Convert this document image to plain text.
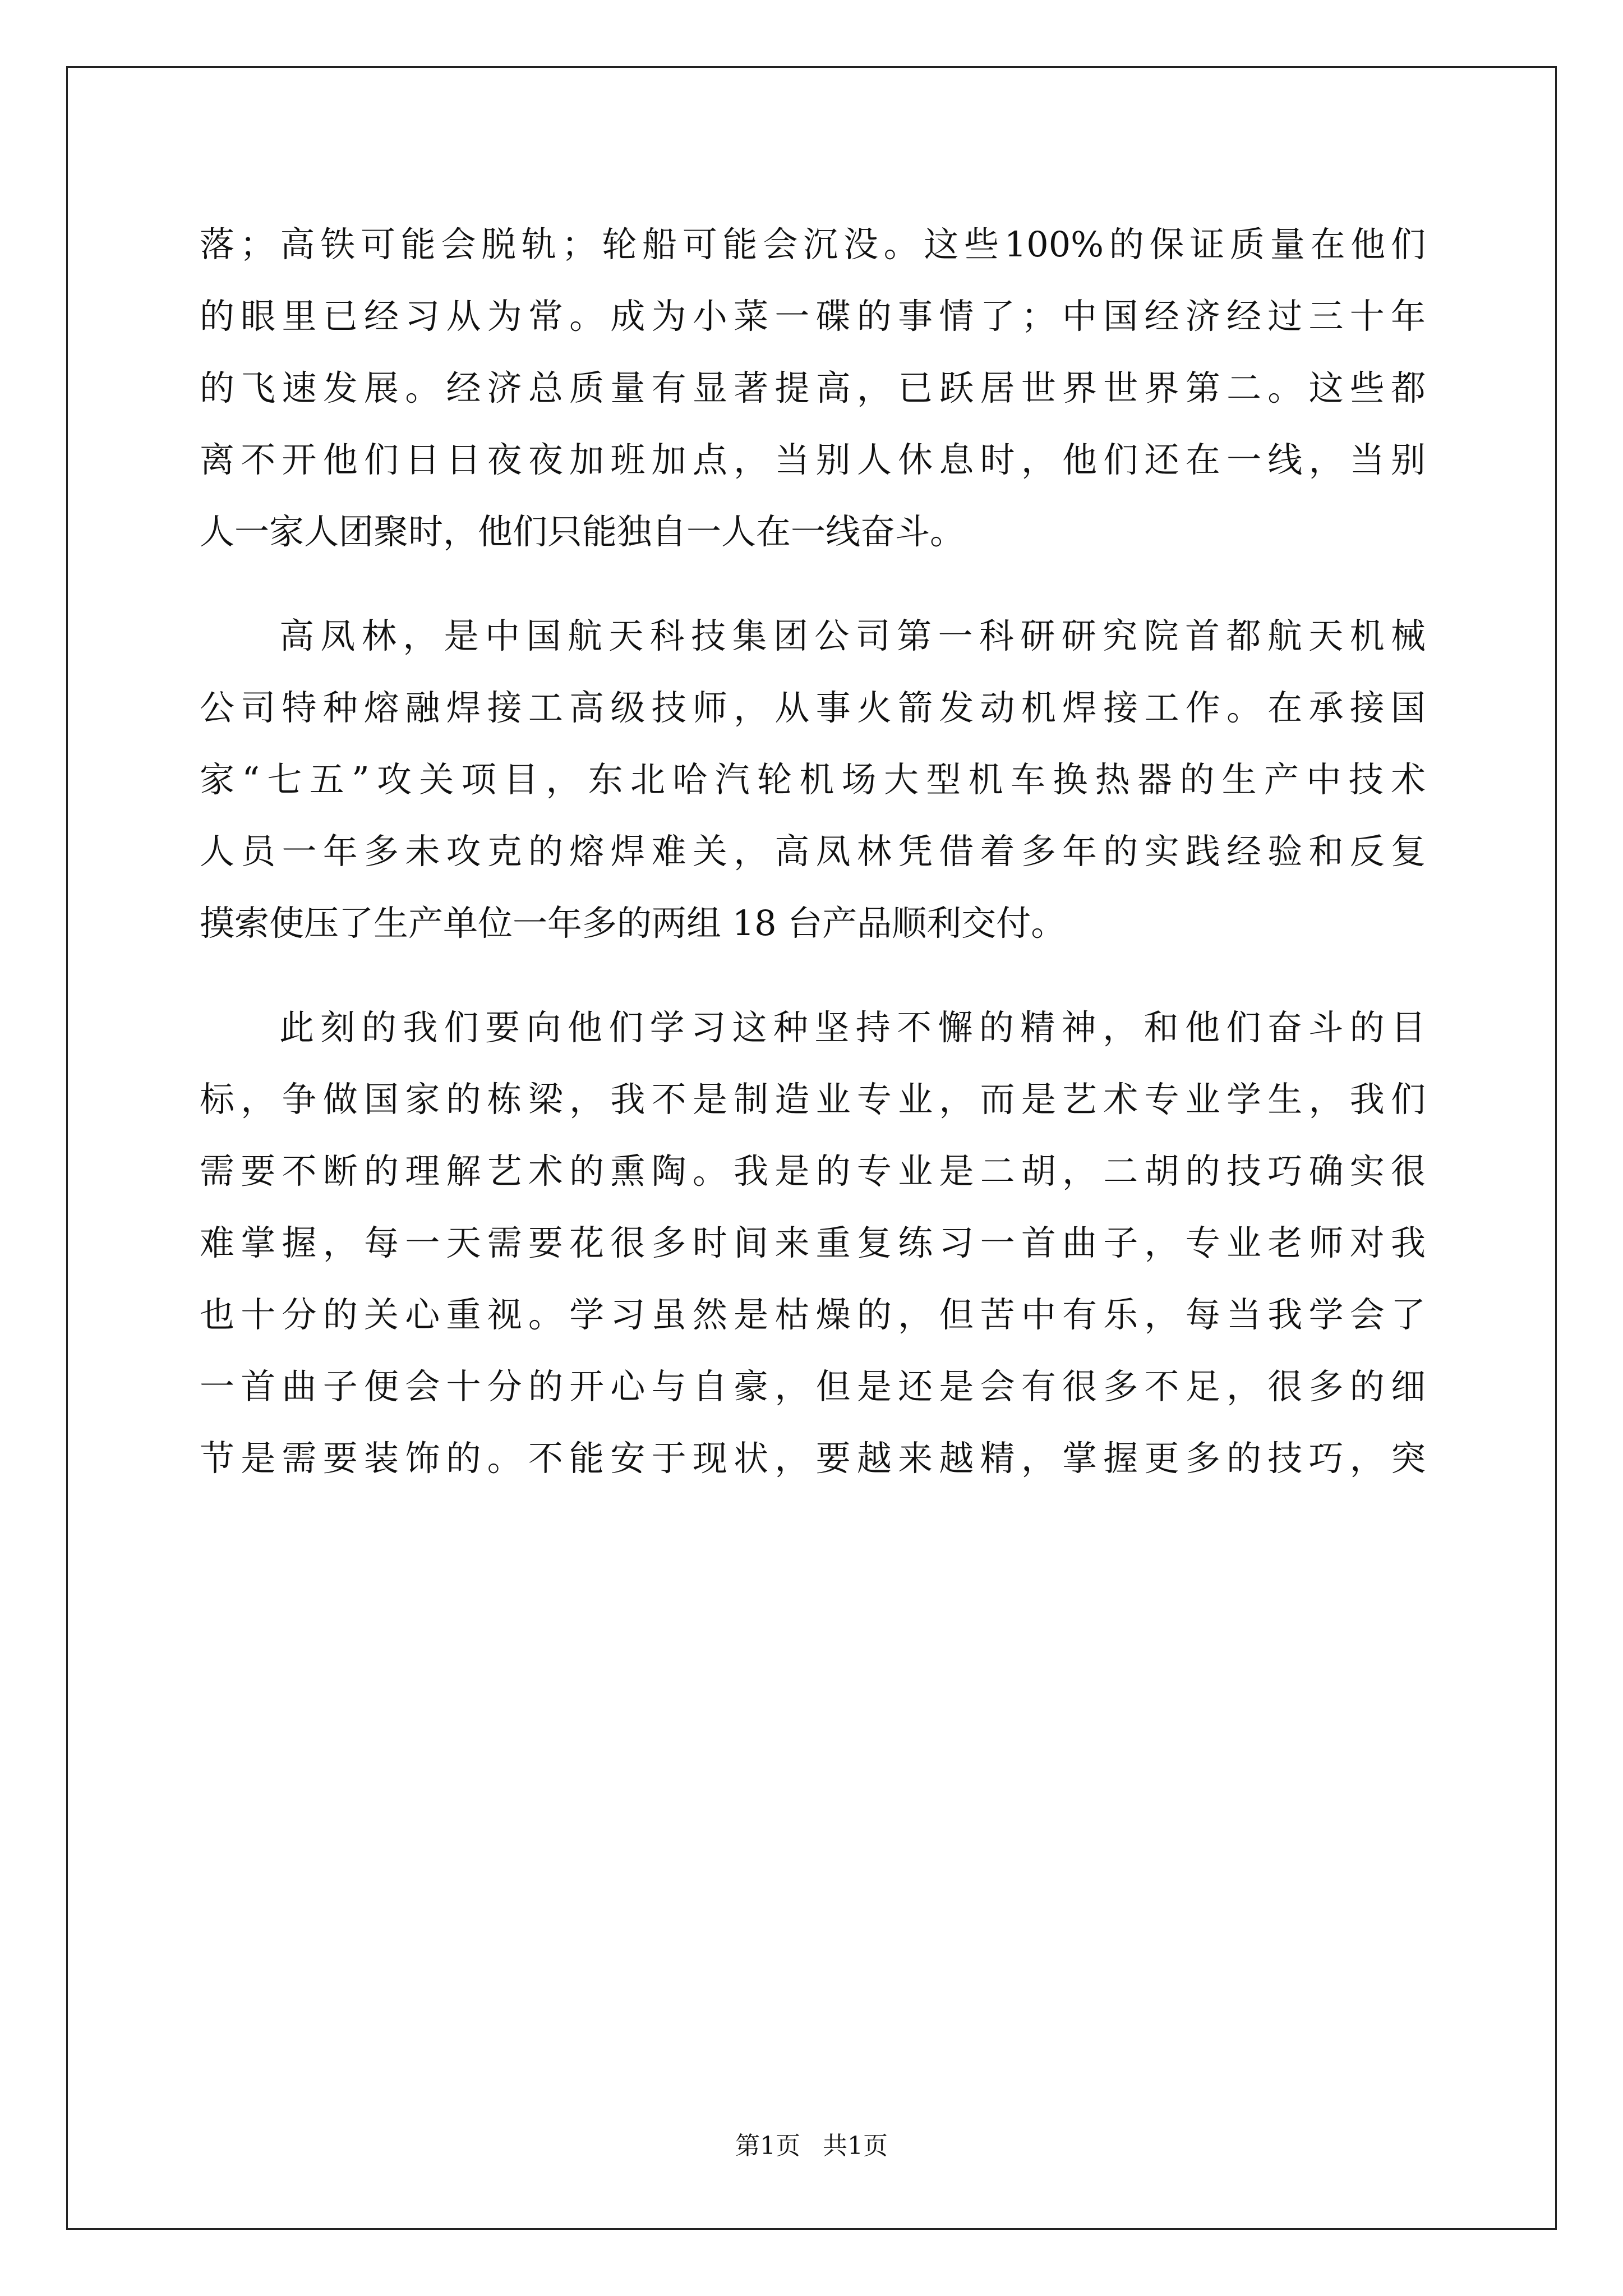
落；高铁可能会脱轨；轮船可能会沉没。这些100%的保证质量在他们
的眼里已经习从为常。成为小菜一碟的事情了；中国经济经过三十年
的飞速发展。经济总质量有显著提高，已跃居世界世界第二。这些都
离不开他们日日夜夜加班加点，当别人休息时，他们还在一线，当别
人一家人团聚时，他们只能独自一人在一线奋斗。
高凤林，是中国航天科技集团公司第一科研研究院首都航天机械
公司特种熔融焊接工高级技师，从事火箭发动机焊接工作。在承接国
家“七五”攻关项目，东北哈汽轮机场大型机车换热器的生产中技术
人员一年多未攻克的熔焊难关，高凤林凭借着多年的实践经验和反复
摸索使压了生产单位一年多的两组 18 台产品顺利交付。
此刻的我们要向他们学习这种坚持不懈的精神，和他们奋斗的目
标，争做国家的栋梁，我不是制造业专业，而是艺术专业学生，我们
需要不断的理解艺术的熏陶。我是的专业是二胡，二胡的技巧确实很
难掌握，每一天需要花很多时间来重复练习一首曲子，专业老师对我
也十分的关心重视。学习虽然是枯燥的，但苦中有乐，每当我学会了
一首曲子便会十分的开心与自豪，但是还是会有很多不足，很多的细
节是需要装饰的。不能安于现状，要越来越精，掌握更多的技巧，突
第1页 共1页
